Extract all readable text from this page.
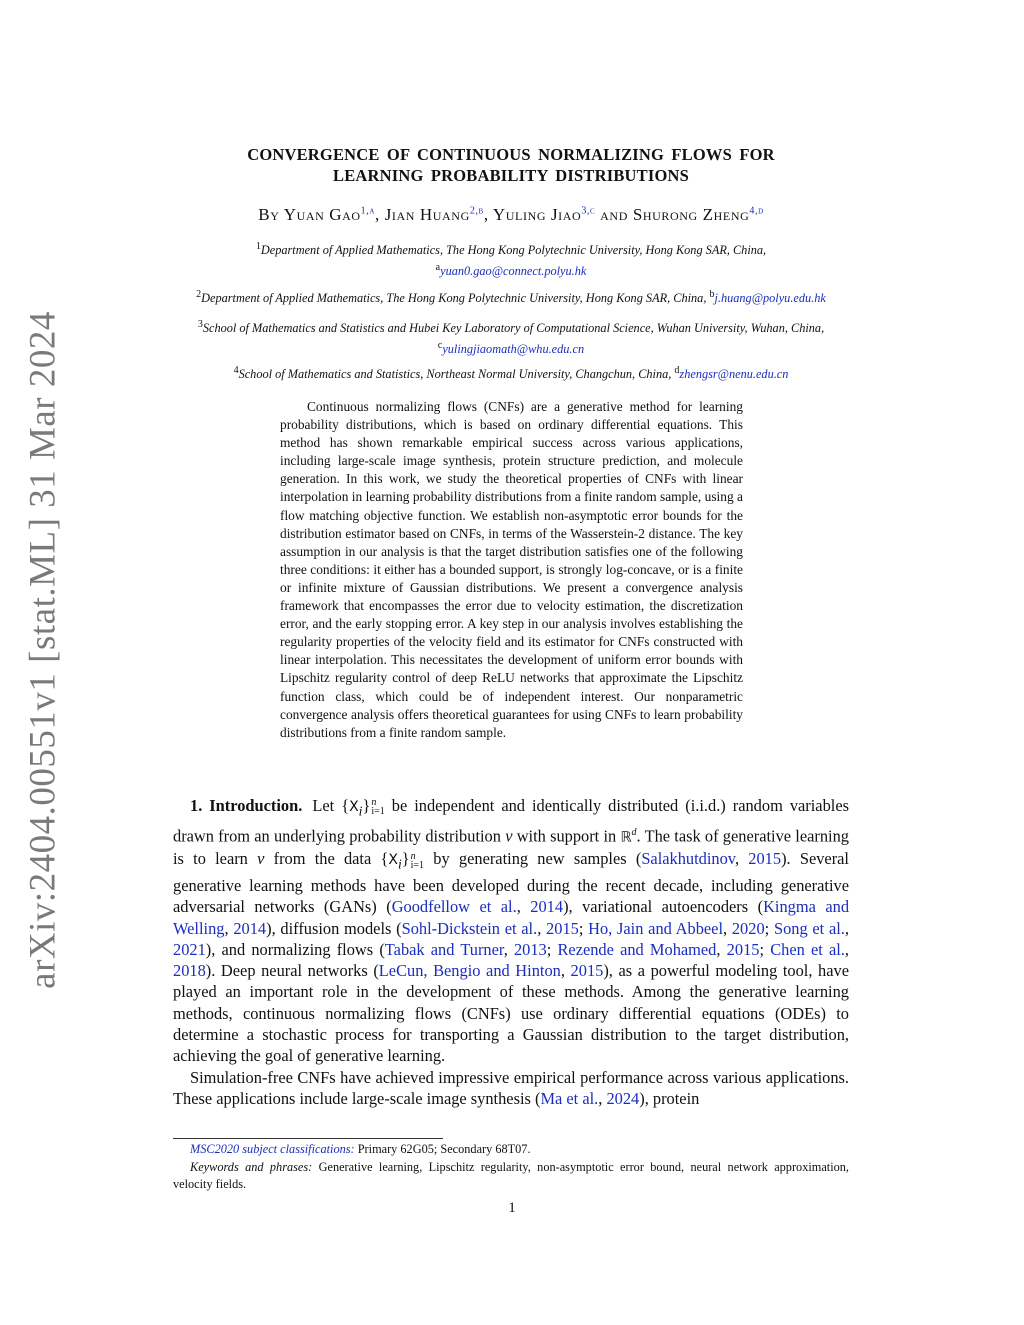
arXiv:2404.00551v1 [stat.ML] 31 Mar 2024
CONVERGENCE OF CONTINUOUS NORMALIZING FLOWS FOR
LEARNING PROBABILITY DISTRIBUTIONS
By Yuan Gao$^{1,a}$, Jian Huang$^{2,b}$, Yuling Jiao$^{3,c}$ and Shurong Zheng$^{4,d}$
$^1$Department of Applied Mathematics, The Hong Kong Polytechnic University, Hong Kong SAR, China,
$^a$yuan0.gao@connect.polyu.hk
$^2$Department of Applied Mathematics, The Hong Kong Polytechnic University, Hong Kong SAR, China, $^b$j.huang@polyu.edu.hk
$^3$School of Mathematics and Statistics and Hubei Key Laboratory of Computational Science, Wuhan University, Wuhan, China,
$^c$yulingjiaomath@whu.edu.cn
$^4$School of Mathematics and Statistics, Northeast Normal University, Changchun, China, $^d$zhengsr@nenu.edu.cn

Continuous normalizing flows (CNFs) are a generative method for learning probability distributions, which is based on ordinary differential equations. This method has shown remarkable empirical success across various applications, including large-scale image synthesis, protein structure prediction, and molecule generation. In this work, we study the theoretical properties of CNFs with linear interpolation in learning probability distributions from a finite random sample, using a flow matching objective function. We establish non-asymptotic error bounds for the distribution estimator based on CNFs, in terms of the Wasserstein-2 distance. The key assumption in our analysis is that the target distribution satisfies one of the following three conditions: it either has a bounded support, is strongly log-concave, or is a finite or infinite mixture of Gaussian distributions. We present a convergence analysis framework that encompasses the error due to velocity estimation, the discretization error, and the early stopping error. A key step in our analysis involves establishing the regularity properties of the velocity field and its estimator for CNFs constructed with linear interpolation. This necessitates the development of uniform error bounds with Lipschitz regularity control of deep ReLU networks that approximate the Lipschitz function class, which could be of independent interest. Our nonparametric convergence analysis offers theoretical guarantees for using CNFs to learn probability distributions from a finite random sample.

1. Introduction. Let $\{X_i\}$ n
i=1 be independent and identically distributed (i.i.d.) random variables drawn from an underlying probability distribution ν with support in ℝ$^d$. The task of generative learning is to learn ν from the data $\{X_i\}$ n
i=1 by generating new samples (Salakhutdinov, 2015). Several generative learning methods have been developed during the recent decade, including generative adversarial networks (GANs) (Goodfellow et al., 2014), variational autoencoders (Kingma and Welling, 2014), diffusion models (Sohl-Dickstein et al., 2015; Ho, Jain and Abbeel, 2020; Song et al., 2021), and normalizing flows (Tabak and Turner, 2013; Rezende and Mohamed, 2015; Chen et al., 2018). Deep neural networks (LeCun, Bengio and Hinton, 2015), as a powerful modeling tool, have played an important role in the development of these methods. Among the generative learning methods, continuous normalizing flows (CNFs) use ordinary differential equations (ODEs) to determine a stochastic process for transporting a Gaussian distribution to the target distribution, achieving the goal of generative learning.

Simulation-free CNFs have achieved impressive empirical performance across various applications. These applications include large-scale image synthesis (Ma et al., 2024), protein

MSC2020 subject classifications: Primary 62G05; Secondary 68T07.
Keywords and phrases: Generative learning, Lipschitz regularity, non-asymptotic error bound, neural network approximation, velocity fields.
1
